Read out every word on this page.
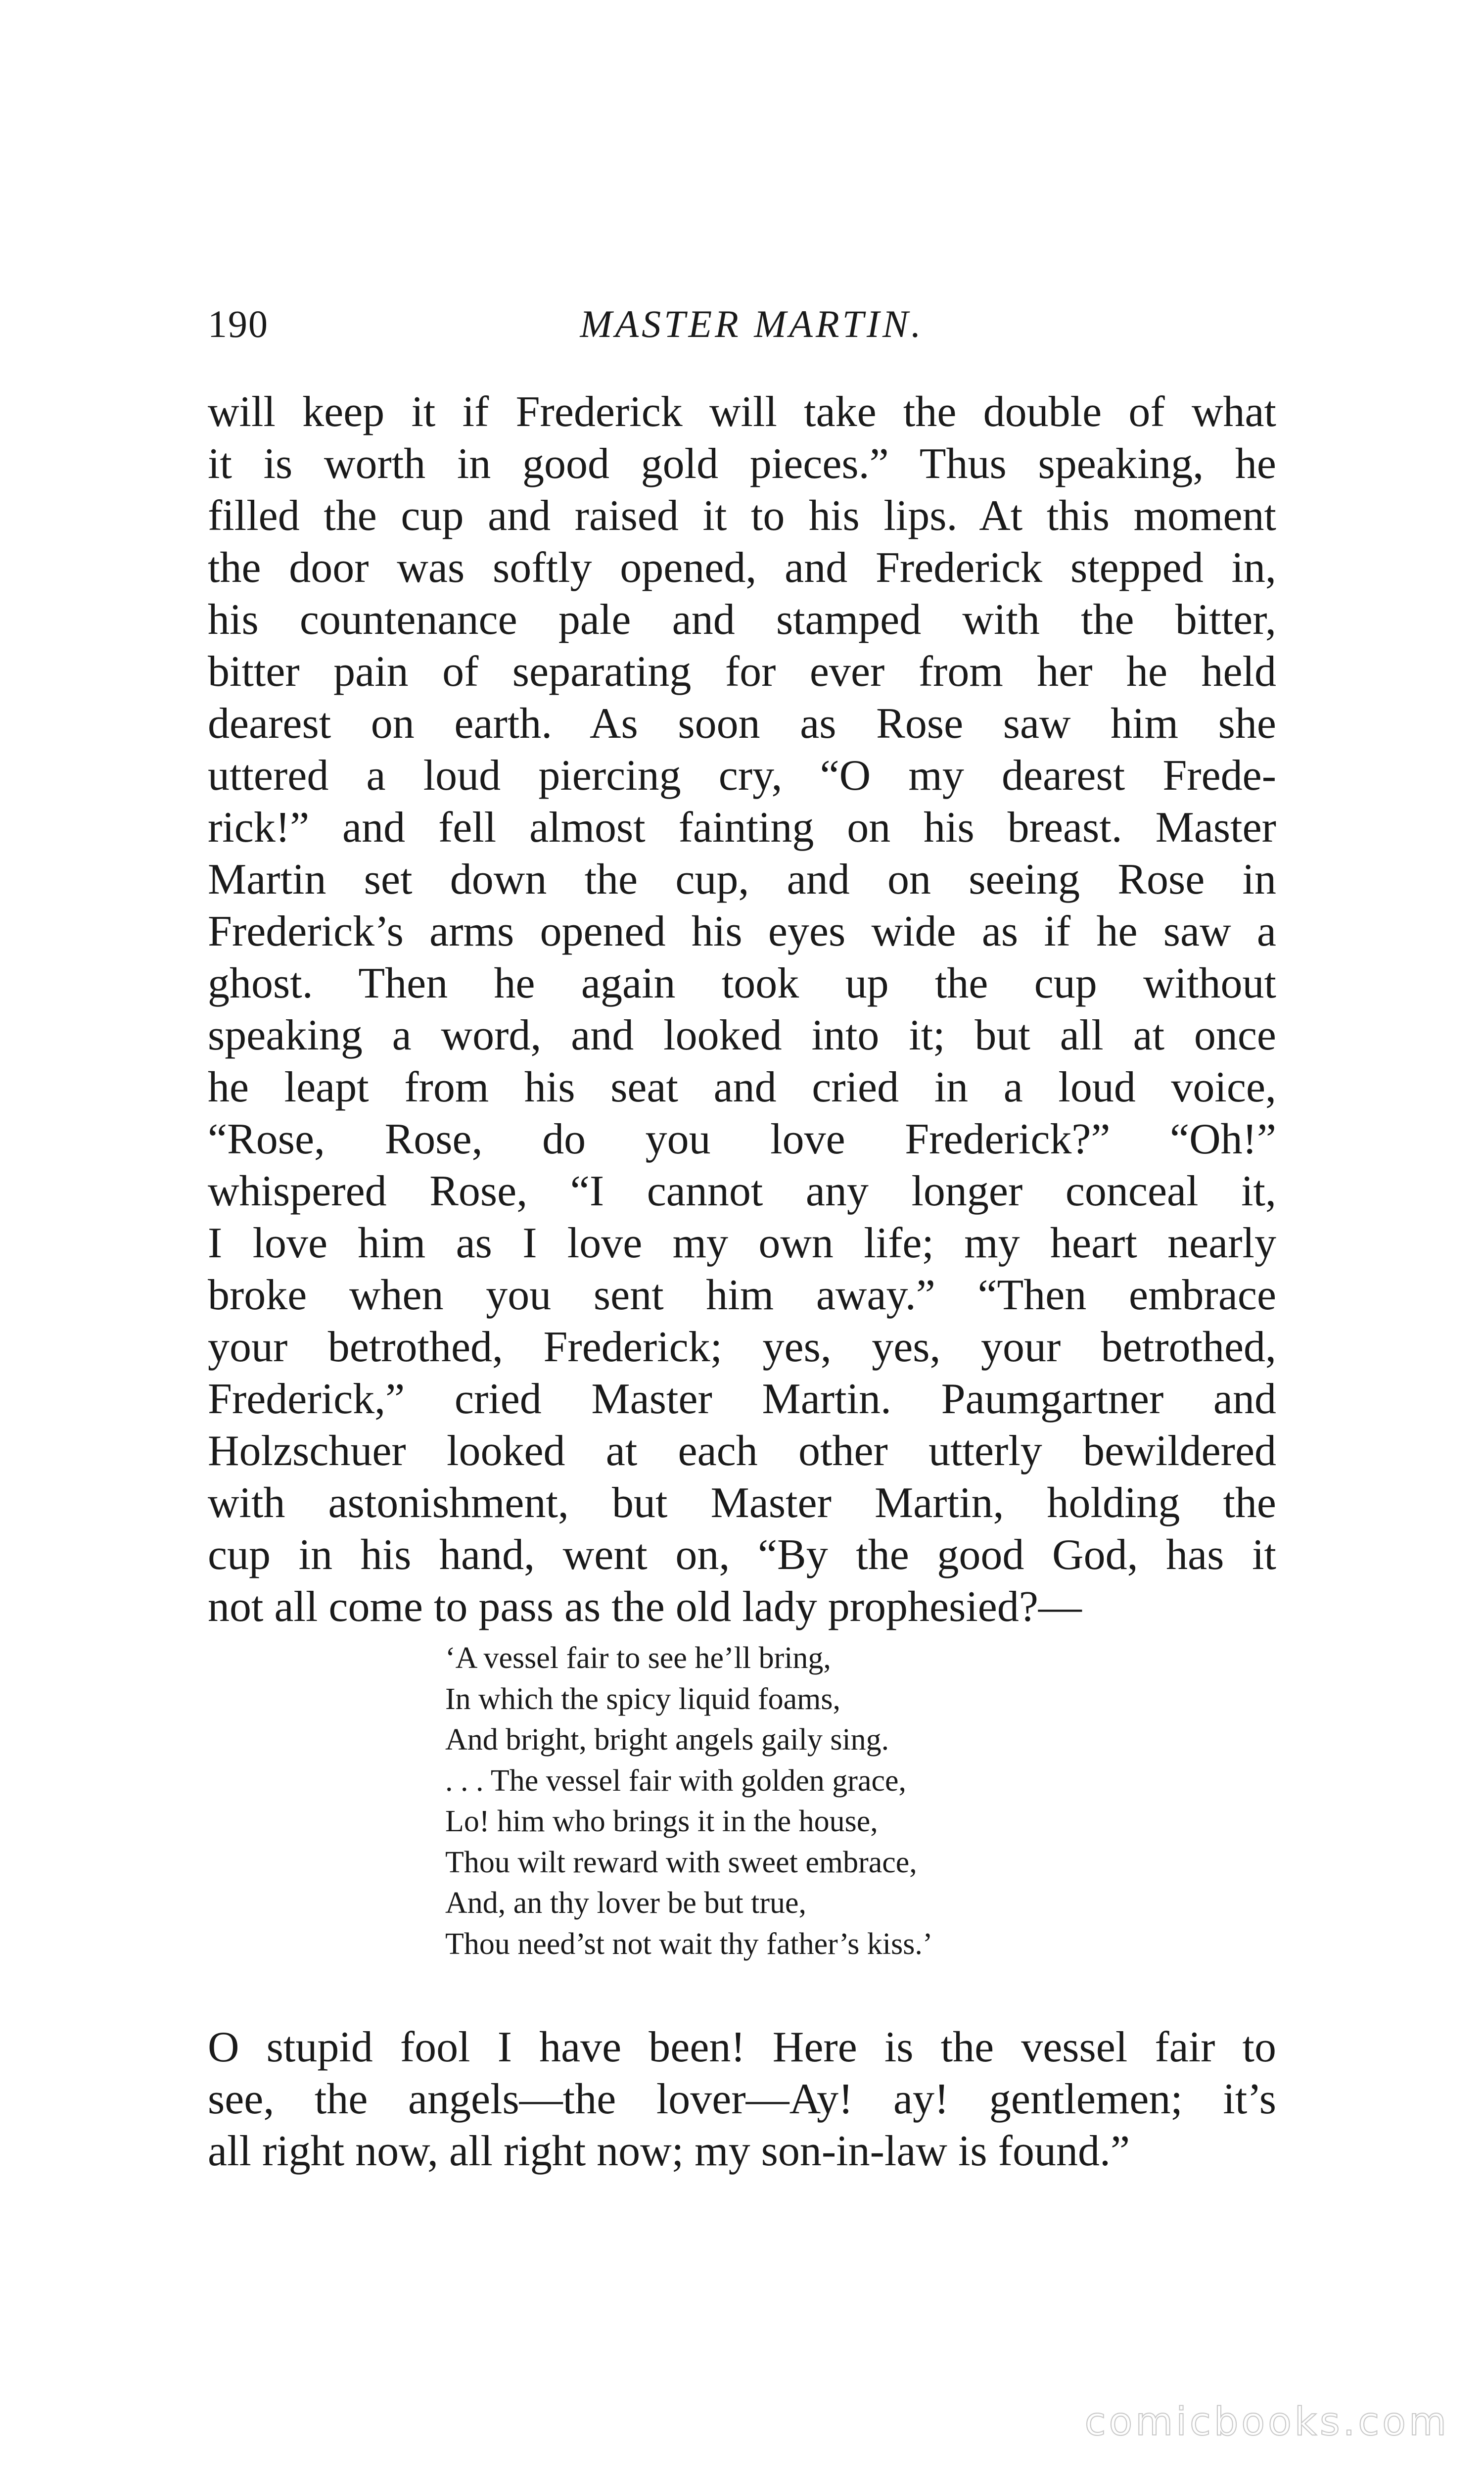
190	MASTER MARTIN.
will keep it if Frederick will take the double of what
it is worth in good gold pieces.” Thus speaking, he
filled the cup and raised it to his lips. At this moment
the door was softly opened, and Frederick stepped in,
his countenance pale and stamped with the bitter,
bitter pain of separating for ever from her he held
dearest on earth. As soon as Rose saw him she
uttered a loud piercing cry, “O my dearest Frede-
rick!” and fell almost fainting on his breast. Master
Martin set down the cup, and on seeing Rose in
Frederick’s arms opened his eyes wide as if he saw a
ghost. Then he again took up the cup without
speaking a word, and looked into it; but all at once
he leapt from his seat and cried in a loud voice,
“Rose, Rose, do you love Frederick?” “Oh!”
whispered Rose, “I cannot any longer conceal it,
I love him as I love my own life; my heart nearly
broke when you sent him away.” “Then embrace
your betrothed, Frederick; yes, yes, your betrothed,
Frederick,” cried Master Martin. Paumgartner and
Holzschuer looked at each other utterly bewildered
with astonishment, but Master Martin, holding the
cup in his hand, went on, “By the good God, has it
not all come to pass as the old lady prophesied?—
‘A vessel fair to see he’ll bring,
In which the spicy liquid foams,
And bright, bright angels gaily sing.
. . . The vessel fair with golden grace,
Lo! him who brings it in the house,
Thou wilt reward with sweet embrace,
And, an thy lover be but true,
Thou need’st not wait thy father’s kiss.’
O stupid fool I have been! Here is the vessel fair to
see, the angels—the lover—Ay! ay! gentlemen; it’s
all right now, all right now; my son-in-law is found.”
comicbooks.com
